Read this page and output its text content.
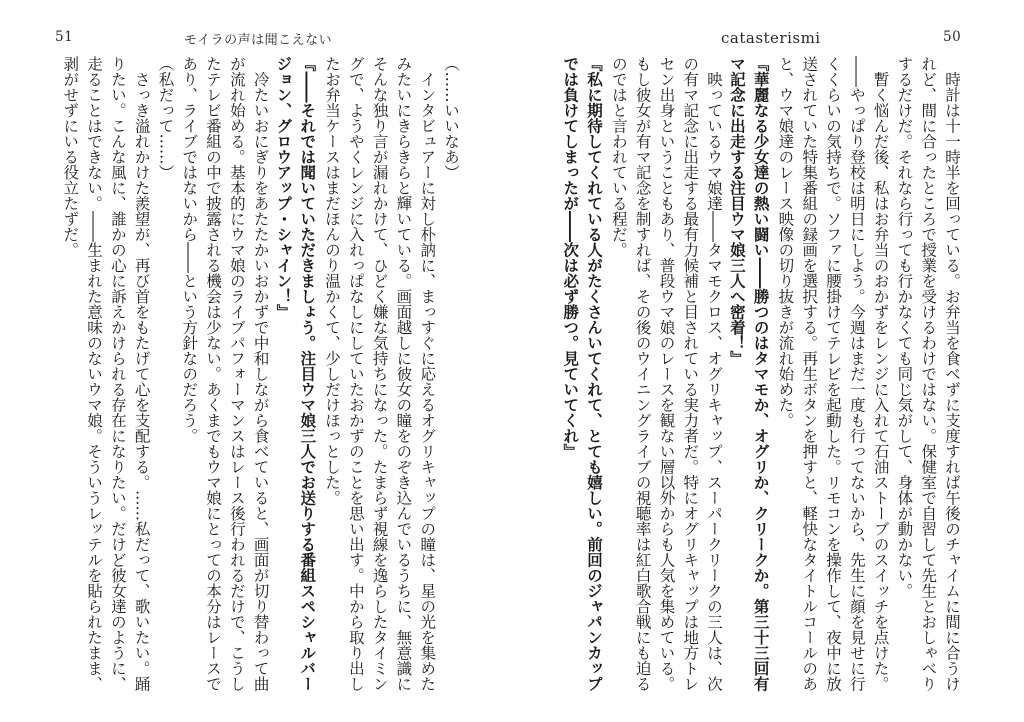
51	モイラの声は聞こえない
（……いいなあ）
　インタビュアーに対し朴訥に、まっすぐに応えるオグリキャップの瞳は、星の光を集めた
みたいにきらきらと輝いている。画面越しに彼女の瞳をのぞき込んでいるうちに、無意識に
そんな独り言が漏れかけて、ひどく嫌な気持ちになった。たまらず視線を逸らしたタイミン
グで、ようやくレンジに入れっぱなしにしていたおかずのことを思い出す。中から取り出し
たお弁当ケースはまだほんのり温かくて、少しだけほっとした。
『――それでは聞いていただきましょう。注目ウマ娘三人でお送りする番組スペシャルバー
ジョン、グロウアップ・シャイン！』
　冷たいおにぎりをあたたかいおかずで中和しながら食べていると、画面が切り替わって曲
が流れ始める。基本的にウマ娘のライブパフォーマンスはレース後行われるだけで、こうし
たテレビ番組の中で披露される機会は少ない。あくまでもウマ娘にとっての本分はレースで
あり、ライブではないから――という方針なのだろう。
（私だって……）
　さっき溢れかけた羨望が、再び首をもたげて心を支配する。……私だって、歌いたい。踊
りたい。こんな風に、誰かの心に訴えかけられる存在になりたい。だけど彼女達のように、
走ることはできない。――生まれた意味のないウマ娘。そういうレッテルを貼られたまま、
剥がせずにいる役立たずだ。
catasterismi	50
　時計は十一時半を回っている。お弁当を食べずに支度すれば午後のチャイムに間に合うけ
れど、間に合ったところで授業を受けるわけではない。保健室で自習して先生とおしゃべり
するだけだ。それなら行っても行かなくても同じ気がして、身体が動かない。
　暫く悩んだ後、私はお弁当のおかずをレンジに入れて石油ストーブのスイッチを点けた。
――やっぱり登校は明日にしよう。今週はまだ一度も行ってないから、先生に顔を見せに行
くくらいの気持ちで。ソファに腰掛けてテレビを起動した。リモコンを操作して、夜中に放
送されていた特集番組の録画を選択する。再生ボタンを押すと、軽快なタイトルコールのあ
と、ウマ娘達のレース映像の切り抜きが流れ始めた。
『華麗なる少女達の熱い闘い――勝つのはタマモか、オグリか、クリークか。第三十三回有
マ記念に出走する注目ウマ娘三人へ密着！』
　映っているウマ娘達――タマモクロス、オグリキャップ、スーパークリークの三人は、次
の有マ記念に出走する最有力候補と目されている実力者だ。特にオグリキャップは地方トレ
セン出身ということもあり、普段ウマ娘のレースを観ない層以外からも人気を集めている。
もし彼女が有マ記念を制すれば、その後のウイニングライブの視聴率は紅白歌合戦にも迫る
のではと言われている程だ。
『私に期待してくれている人がたくさんいてくれて、とても嬉しい。前回のジャパンカップ
では負けてしまったが――次は必ず勝つ。見ていてくれ』
